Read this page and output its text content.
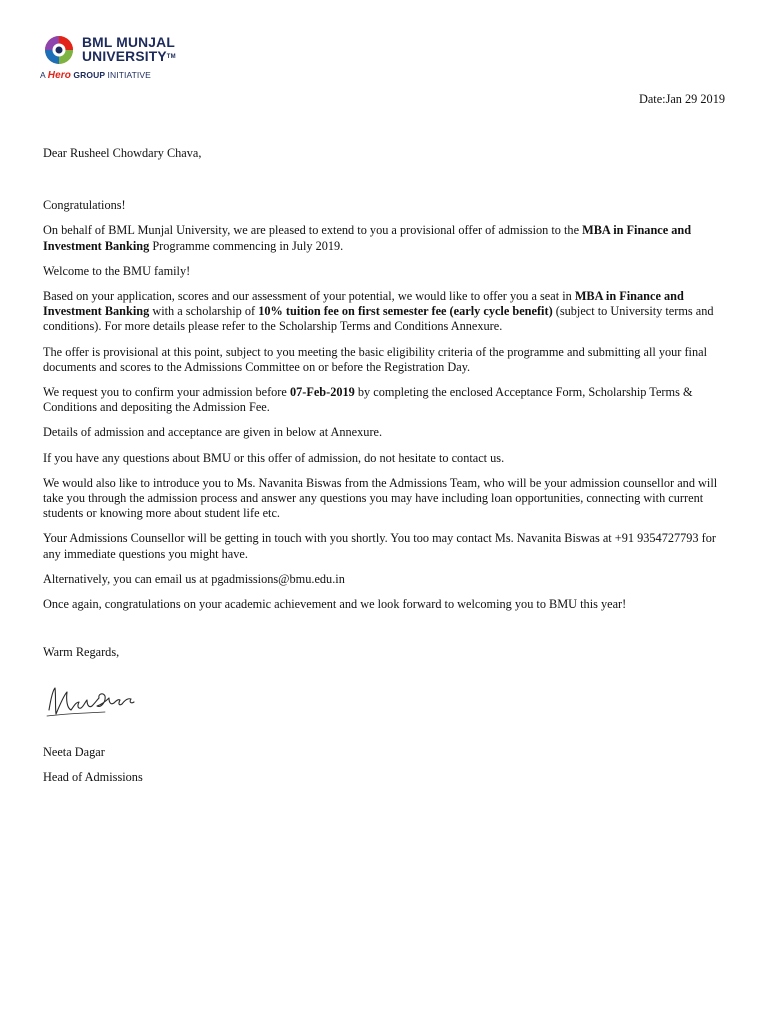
BML MUNJAL
UNIVERSITY™
A Hero GROUP INITIATIVE
Date:Jan 29 2019

Dear Rusheel Chowdary Chava,

Congratulations!

On behalf of BML Munjal University, we are pleased to extend to you a provisional offer of admission to the MBA in Finance and Investment Banking Programme commencing in July 2019.

Welcome to the BMU family!

Based on your application, scores and our assessment of your potential, we would like to offer you a seat in MBA in Finance and Investment Banking with a scholarship of 10% tuition fee on first semester fee (early cycle benefit) (subject to University terms and conditions). For more details please refer to the Scholarship Terms and Conditions Annexure.

The offer is provisional at this point, subject to you meeting the basic eligibility criteria of the programme and submitting all your final documents and scores to the Admissions Committee on or before the Registration Day.

We request you to confirm your admission before 07-Feb-2019 by completing the enclosed Acceptance Form, Scholarship Terms & Conditions and depositing the Admission Fee.

Details of admission and acceptance are given in below at Annexure.

If you have any questions about BMU or this offer of admission, do not hesitate to contact us.

We would also like to introduce you to Ms. Navanita Biswas from the Admissions Team, who will be your admission counsellor and will take you through the admission process and answer any questions you may have including loan opportunities, connecting with current students or knowing more about student life etc.

Your Admissions Counsellor will be getting in touch with you shortly. You too may contact Ms. Navanita Biswas at +91 9354727793 for any immediate questions you might have.

Alternatively, you can email us at pgadmissions@bmu.edu.in

Once again, congratulations on your academic achievement and we look forward to welcoming you to BMU this year!

Warm Regards,

Neeta Dagar

Head of Admissions
